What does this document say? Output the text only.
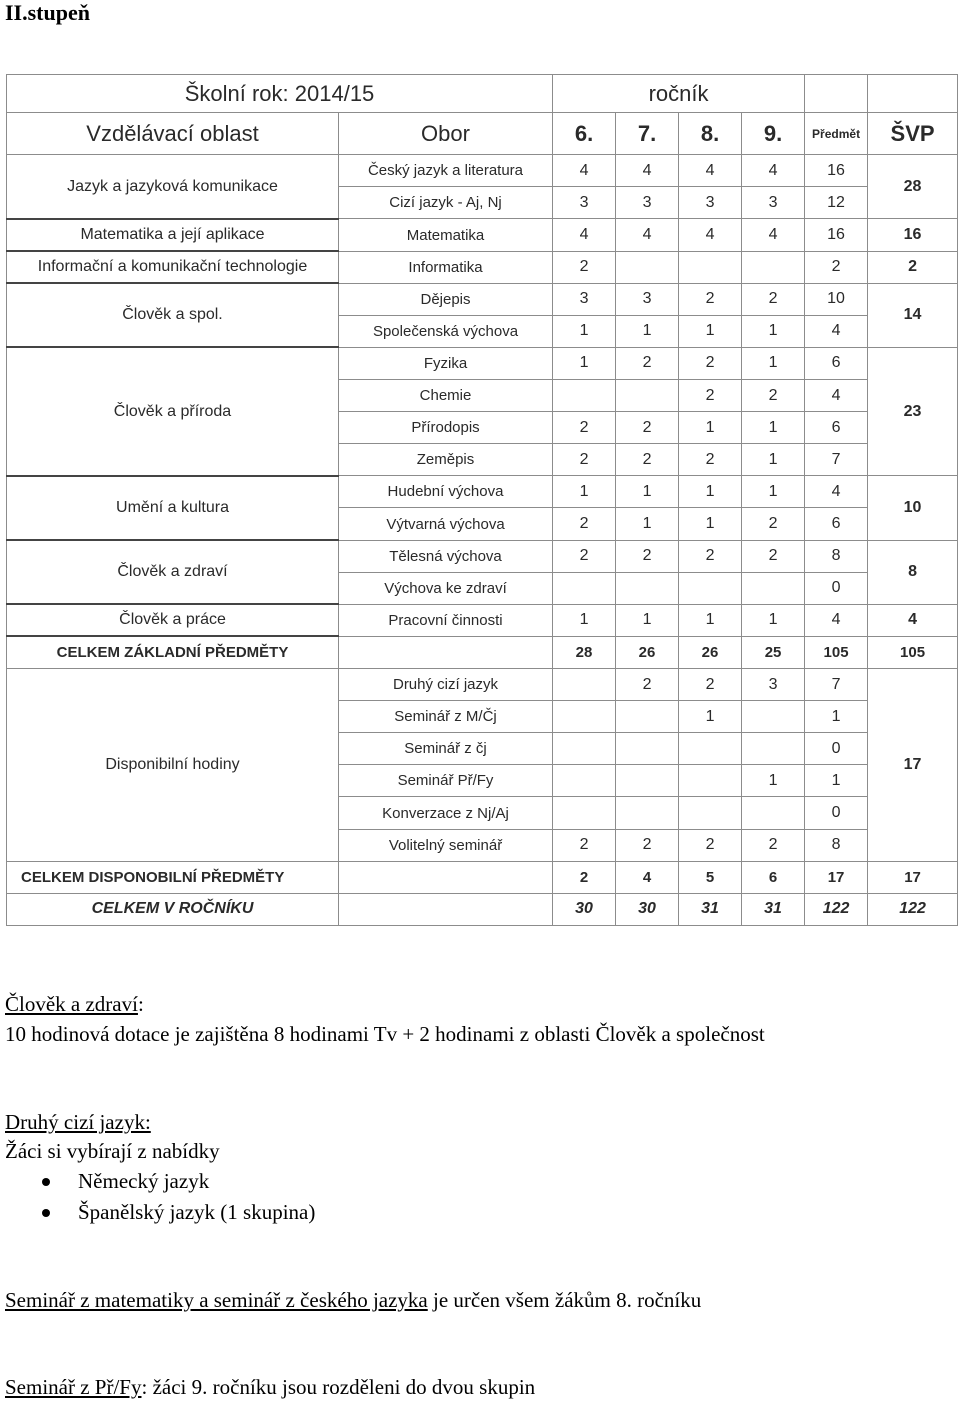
II.stupeň
Školní rok: 2014/15		ročník					
Vzdělávací oblast	Obor	6.	7.	8.	9.	Předmět	ŠVP
Jazyk a jazyková komunikace	Český jazyk a literatura	4	4	4	4	16	28
	Cizí jazyk - Aj, Nj	3	3	3	3	12	
Matematika a její aplikace	Matematika	4	4	4	4	16	16
Informační a komunikační technologie	Informatika	2				2	2
Člověk a spol.	Dějepis	3	3	2	2	10	14
	Společenská výchova	1	1	1	1	4	
Člověk a příroda	Fyzika	1	2	2	1	6	23
	Chemie			2	2	4	
	Přírodopis	2	2	1	1	6	
	Zeměpis	2	2	2	1	7	
Umění a kultura	Hudební výchova	1	1	1	1	4	10
	Výtvarná výchova	2	1	1	2	6	
Člověk a zdraví	Tělesná výchova	2	2	2	2	8	8
	Výchova ke zdraví					0	
Člověk a práce	Pracovní činnosti	1	1	1	1	4	4
CELKEM ZÁKLADNÍ PŘEDMĚTY		28	26	26	25	105	105
Disponibilní hodiny	Druhý cizí jazyk		2	2	3	7	17
	Seminář z M/Čj			1		1	
	Seminář z čj					0	
	Seminář Př/Fy				1	1	
	Konverzace z Nj/Aj					0	
	Volitelný seminář	2	2	2	2	8	
CELKEM DISPONOBILNÍ PŘEDMĚTY		2	4	5	6	17	17
CELKEM V ROČNÍKU		30	30	31	31	122	122
Člověk a zdraví:
10 hodinová dotace je zajištěna 8 hodinami Tv + 2 hodinami z oblasti Člověk a společnost
Druhý cizí jazyk:
Žáci si vybírají z nabídky
Německý jazyk
Španělský jazyk (1 skupina)
Seminář z matematiky a seminář z českého jazyka je určen všem žákům 8. ročníku
Seminář z Př/Fy: žáci 9. ročníku jsou rozděleni do dvou skupin
